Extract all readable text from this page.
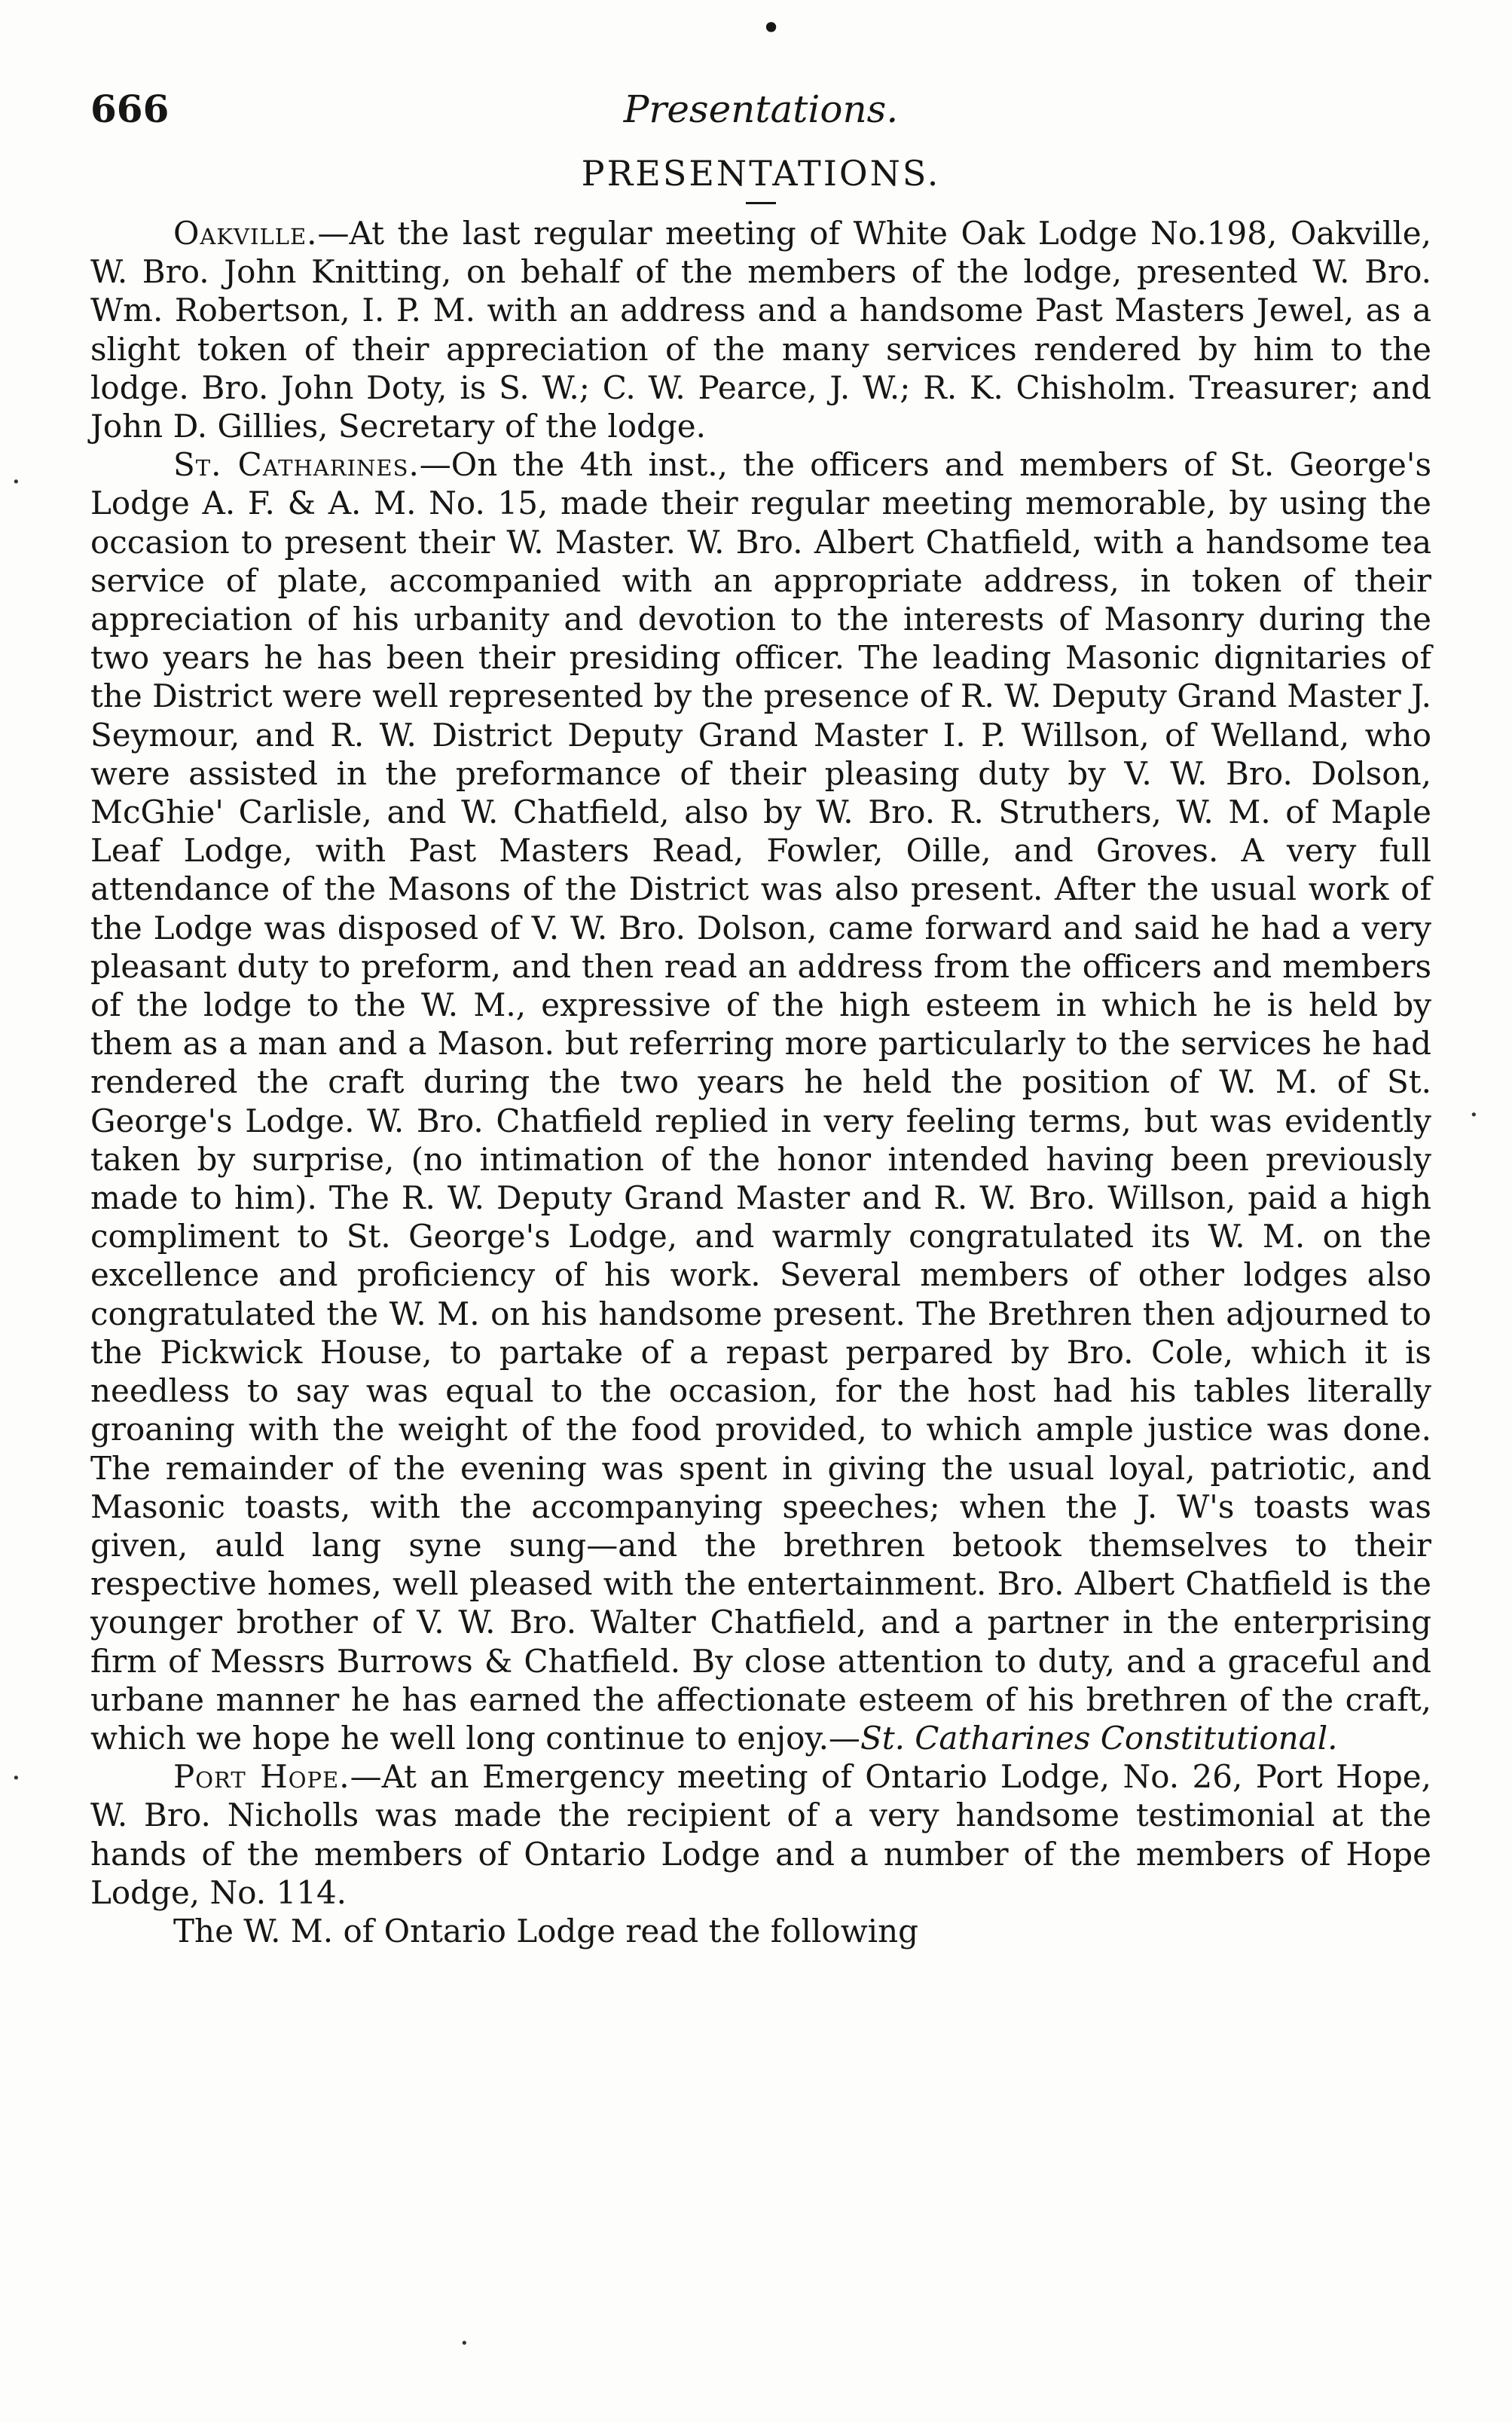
•
Presentations.
666
PRESENTATIONS.

Oakville.—At the last regular meeting of White Oak Lodge No.198, Oakville, W. Bro. John Knitting, on behalf of the members of the lodge, presented W. Bro. Wm. Robertson, I. P. M. with an address and a handsome Past Masters Jewel, as a slight token of their appreciation of the many services rendered by him to the lodge. Bro. John Doty, is S. W.; C. W. Pearce, J. W.; R. K. Chisholm. Treasurer; and John D. Gillies, Secretary of the lodge.

St. Catharines.—On the 4th inst., the officers and members of St. George's Lodge A. F. & A. M. No. 15, made their regular meeting memorable, by using the occasion to present their W. Master. W. Bro. Albert Chatfield, with a handsome tea service of plate, accompanied with an appropriate address, in token of their appreciation of his urbanity and devotion to the interests of Masonry during the two years he has been their presiding officer. The leading Masonic dignitaries of the District were well represented by the presence of R. W. Deputy Grand Master J. Seymour, and R. W. District Deputy Grand Master I. P. Willson, of Welland, who were assisted in the preformance of their pleasing duty by V. W. Bro. Dolson, McGhie' Carlisle, and W. Chatfield, also by W. Bro. R. Struthers, W. M. of Maple Leaf Lodge, with Past Masters Read, Fowler, Oille, and Groves. A very full attendance of the Masons of the District was also present. After the usual work of the Lodge was disposed of V. W. Bro. Dolson, came forward and said he had a very pleasant duty to preform, and then read an address from the officers and members of the lodge to the W. M., expressive of the high esteem in which he is held by them as a man and a Mason. but referring more particularly to the services he had rendered the craft during the two years he held the position of W. M. of St. George's Lodge. W. Bro. Chatfield replied in very feeling terms, but was evidently taken by surprise, (no intimation of the honor intended having been previously made to him). The R. W. Deputy Grand Master and R. W. Bro. Willson, paid a high compliment to St. George's Lodge, and warmly congratulated its W. M. on the excellence and proficiency of his work. Several members of other lodges also congratulated the W. M. on his handsome present. The Brethren then adjourned to the Pickwick House, to partake of a repast perpared by Bro. Cole, which it is needless to say was equal to the occasion, for the host had his tables literally groaning with the weight of the food provided, to which ample justice was done. The remainder of the evening was spent in giving the usual loyal, patriotic, and Masonic toasts, with the accompanying speeches; when the J. W's toasts was given, auld lang syne sung—and the brethren betook themselves to their respective homes, well pleased with the entertainment. Bro. Albert Chatfield is the younger brother of V. W. Bro. Walter Chatfield, and a partner in the enterprising firm of Messrs Burrows & Chatfield. By close attention to duty, and a graceful and urbane manner he has earned the affectionate esteem of his brethren of the craft, which we hope he well long continue to enjoy.—St. Catharines Constitutional.

Port Hope.—At an Emergency meeting of Ontario Lodge, No. 26, Port Hope, W. Bro. Nicholls was made the recipient of a very handsome testimonial at the hands of the members of Ontario Lodge and a number of the members of Hope Lodge, No. 114.

The W. M. of Ontario Lodge read the following

·
·
·
·
